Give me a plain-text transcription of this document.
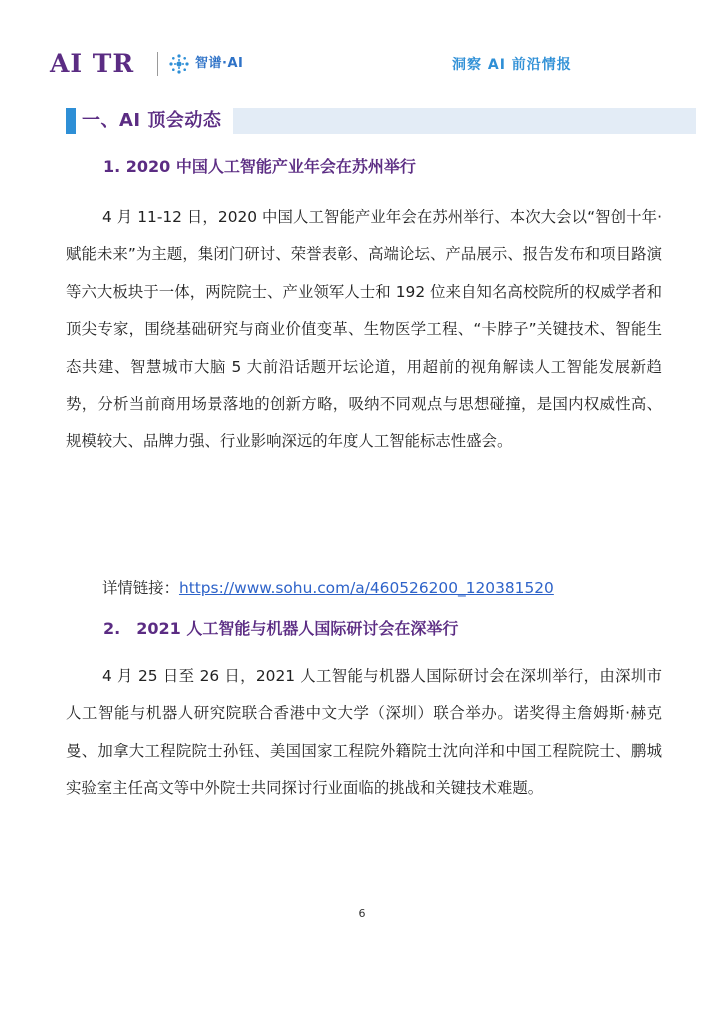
AI TR	智谱·AI	洞察 AI 前沿情报
一、AI 顶会动态
1. 2020 中国人工智能产业年会在苏州举行

4 月 11-12 日，2020 中国人工智能产业年会在苏州举行、本次大会以“智创十年·赋能未来”为主题，集闭门研讨、荣誉表彰、高端论坛、产品展示、报告发布和项目路演等六大板块于一体，两院院士、产业领军人士和 192 位来自知名高校院所的权威学者和顶尖专家，围绕基础研究与商业价值变革、生物医学工程、“卡脖子”关键技术、智能生态共建、智慧城市大脑 5 大前沿话题开坛论道，用超前的视角解读人工智能发展新趋势，分析当前商用场景落地的创新方略，吸纳不同观点与思想碰撞，是国内权威性高、规模较大、品牌力强、行业影响深远的年度人工智能标志性盛会。

详情链接：https://www.sohu.com/a/460526200_120381520
2.　2021 人工智能与机器人国际研讨会在深举行

4 月 25 日至 26 日，2021 人工智能与机器人国际研讨会在深圳举行，由深圳市人工智能与机器人研究院联合香港中文大学（深圳）联合举办。诺奖得主詹姆斯·赫克曼、加拿大工程院院士孙钰、美国国家工程院外籍院士沈向洋和中国工程院院士、鹏城实验室主任高文等中外院士共同探讨行业面临的挑战和关键技术难题。

6
